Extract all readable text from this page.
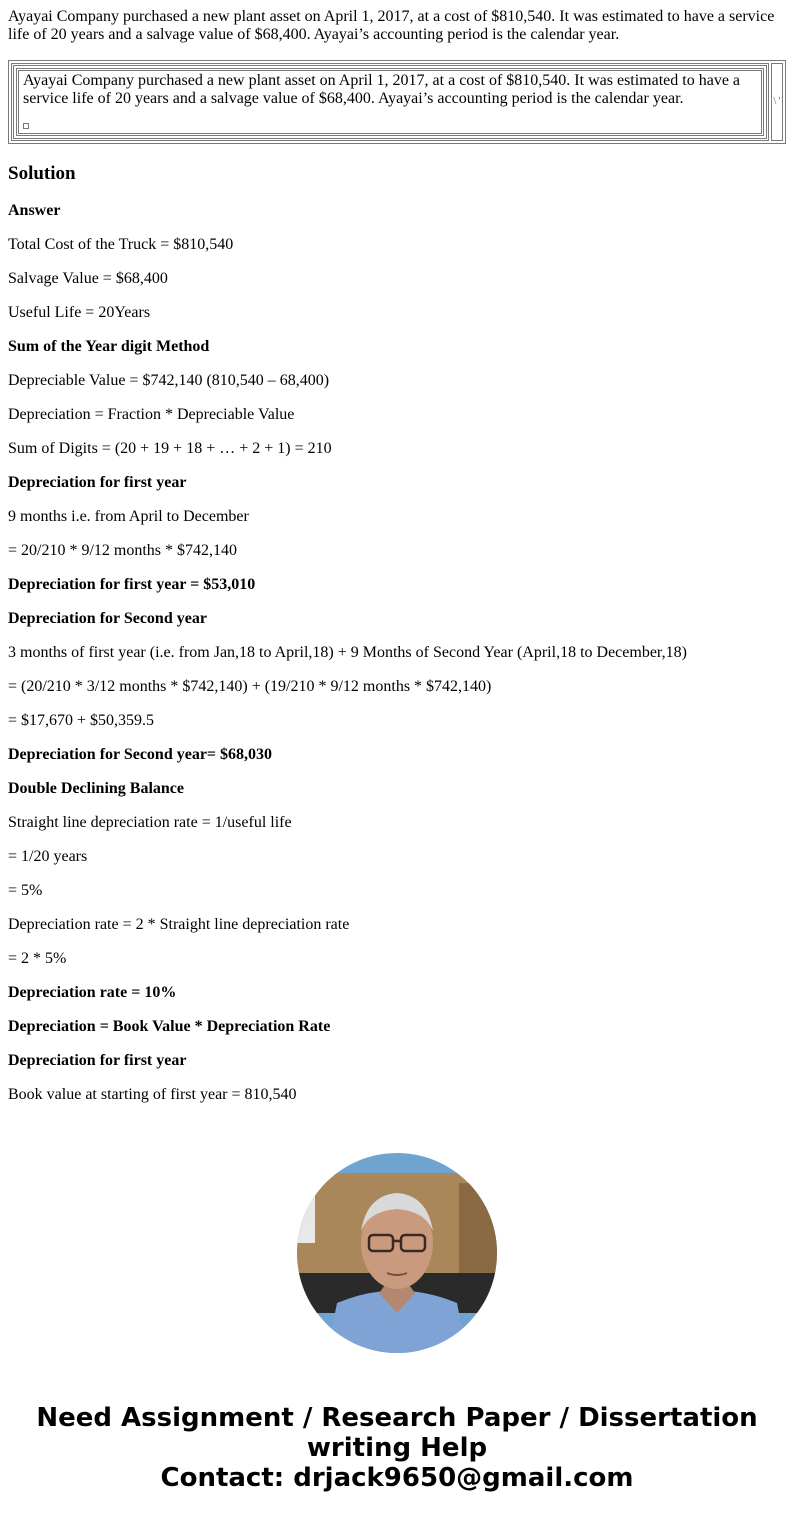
Ayayai Company purchased a new plant asset on April 1, 2017, at a cost of $810,540. It was estimated to have a service life of 20 years and a salvage value of $68,400. Ayayai’s accounting period is the calendar year.

Ayayai Company purchased a new plant asset on April 1, 2017, at a cost of $810,540. It was estimated to have a service life of 20 years and a salvage value of $68,400. Ayayai’s accounting period is the calendar year.	\ '
Solution

Answer

Total Cost of the Truck = $810,540

Salvage Value = $68,400

Useful Life = 20Years

Sum of the Year digit Method

Depreciable Value = $742,140 (810,540 – 68,400)

Depreciation = Fraction * Depreciable Value

Sum of Digits = (20 + 19 + 18 + … + 2 + 1) = 210

Depreciation for first year

9 months i.e. from April to December

= 20/210 * 9/12 months * $742,140

Depreciation for first year = $53,010

Depreciation for Second year

3 months of first year (i.e. from Jan,18 to April,18) + 9 Months of Second Year (April,18 to December,18)

= (20/210 * 3/12 months * $742,140) + (19/210 * 9/12 months * $742,140)

= $17,670 + $50,359.5

Depreciation for Second year= $68,030

Double Declining Balance

Straight line depreciation rate = 1/useful life

= 1/20 years

= 5%

Depreciation rate = 2 * Straight line depreciation rate

= 2 * 5%

Depreciation rate = 10%

Depreciation = Book Value * Depreciation Rate

Depreciation for first year

Book value at starting of first year = 810,540

Need Assignment / Research Paper / Dissertation
writing Help
Contact: drjack9650@gmail.com
